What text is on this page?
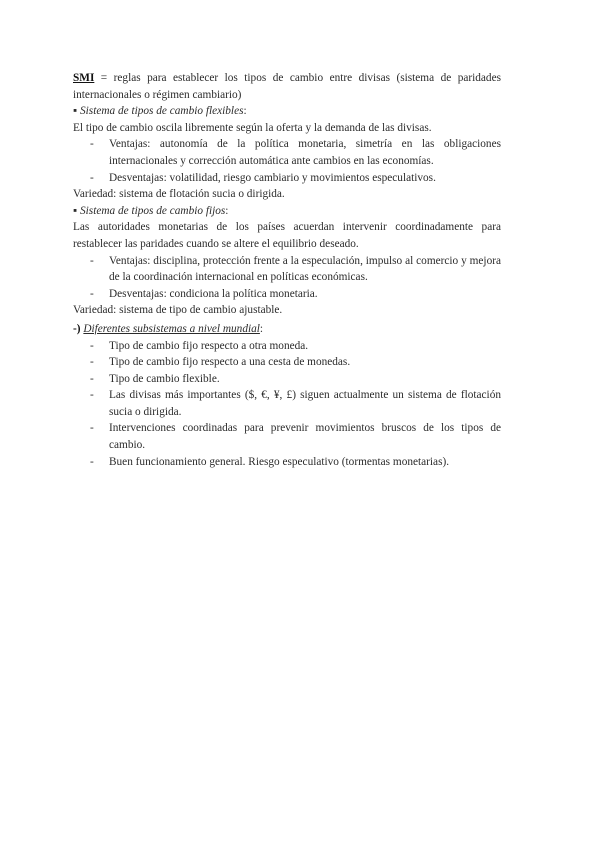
SMI = reglas para establecer los tipos de cambio entre divisas (sistema de paridades internacionales o régimen cambiario)

▪ Sistema de tipos de cambio flexibles:

El tipo de cambio oscila libremente según la oferta y la demanda de las divisas.

- Ventajas: autonomía de la política monetaria, simetría en las obligaciones internacionales y corrección automática ante cambios en las economías.
- Desventajas: volatilidad, riesgo cambiario y movimientos especulativos.

Variedad: sistema de flotación sucia o dirigida.

▪ Sistema de tipos de cambio fijos:

Las autoridades monetarias de los países acuerdan intervenir coordinadamente para restablecer las paridades cuando se altere el equilibrio deseado.

- Ventajas: disciplina, protección frente a la especulación, impulso al comercio y mejora de la coordinación internacional en políticas económicas.
- Desventajas: condiciona la política monetaria.

Variedad: sistema de tipo de cambio ajustable.

-) Diferentes subsistemas a nivel mundial:

- Tipo de cambio fijo respecto a otra moneda.
- Tipo de cambio fijo respecto a una cesta de monedas.
- Tipo de cambio flexible.
- Las divisas más importantes ($, €, ¥, £) siguen actualmente un sistema de flotación sucia o dirigida.
- Intervenciones coordinadas para prevenir movimientos bruscos de los tipos de cambio.
- Buen funcionamiento general. Riesgo especulativo (tormentas monetarias).
